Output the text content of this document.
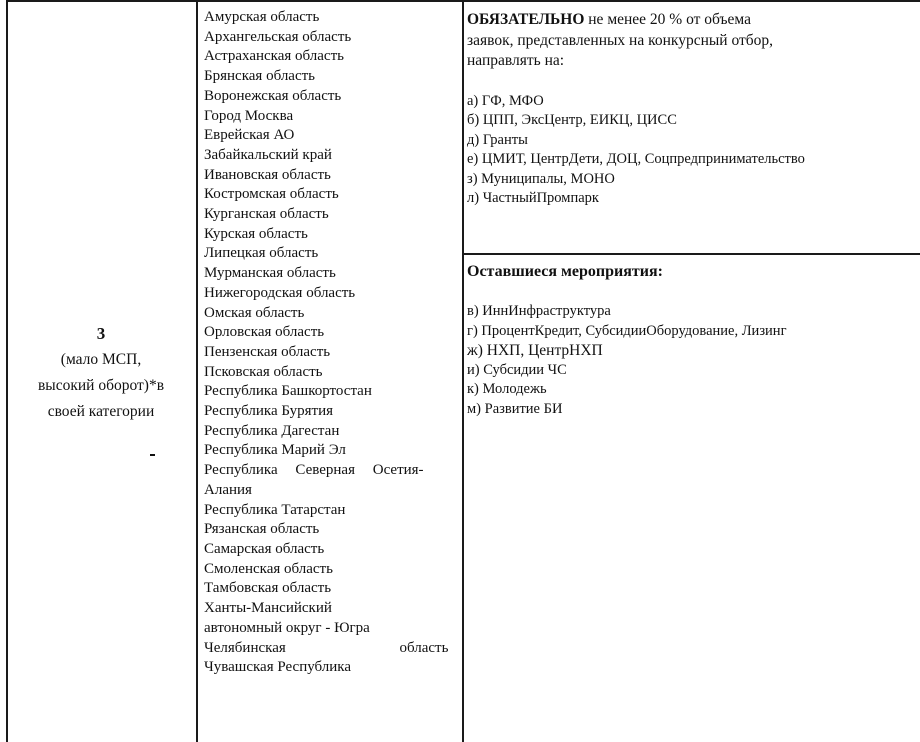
3
(мало МСП,
высокий оборот)*в
своей категории
Амурская область
Архангельская область
Астраханская область
Брянская область
Воронежская область
Город Москва
Еврейская АО
Забайкальский край
Ивановская область
Костромская область
Курганская область
Курская область
Липецкая область
Мурманская область
Нижегородская область
Омская область
Орловская область
Пензенская область
Псковская область
Республика Башкортостан
Республика Бурятия
Республика Дагестан
Республика Марий Эл
Республика Северная Осетия-
Алания
Республика Татарстан
Рязанская область
Самарская область
Смоленская область
Тамбовская область
Ханты-Мансийский
автономный округ - Югра
Челябинская область
Чувашская Республика
ОБЯЗАТЕЛЬНО не менее 20 % от объема
заявок, представленных на конкурсный отбор,
направлять на:
а) ГФ, МФО
б) ЦПП, ЭксЦентр, ЕИКЦ, ЦИСС
д) Гранты
е) ЦМИТ, ЦентрДети, ДОЦ, Соцпредпринимательство
з) Муниципалы, МОНО
л) ЧастныйПромпарк
Оставшиеся мероприятия:
в) ИннИнфраструктура
г) ПроцентКредит, СубсидииОборудование, Лизинг
ж) НХП, ЦентрНХП
и) Субсидии ЧС
к) Молодежь
м) Развитие БИ
